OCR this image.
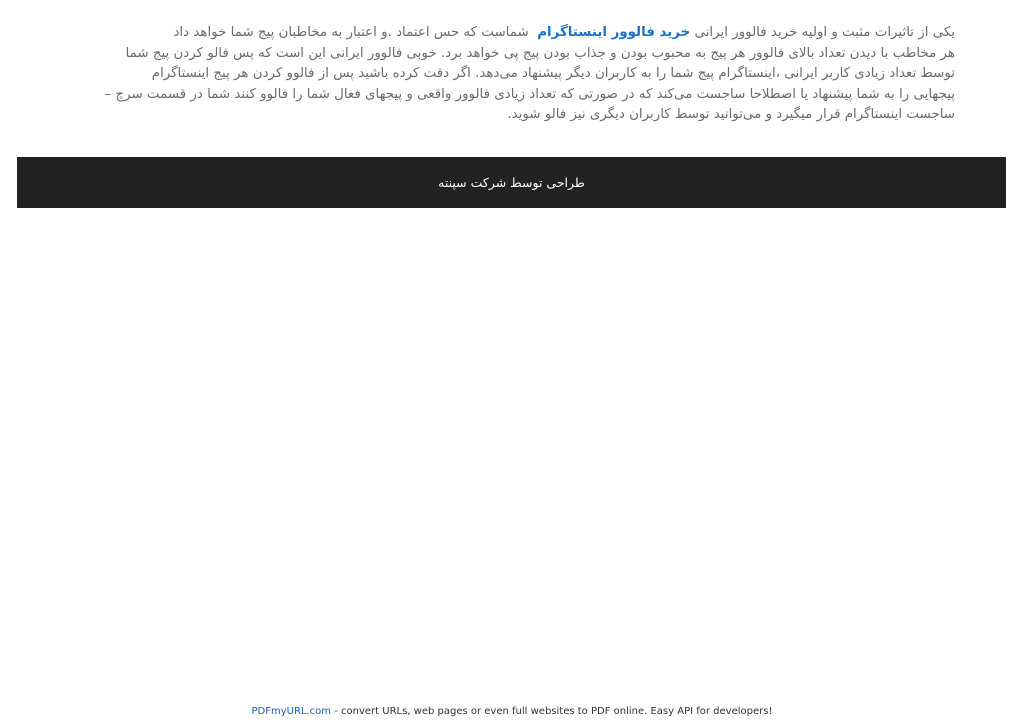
یکی از تاثیرات مثبت و اولیه خرید فالوور ایرانی خرید فالوور اینستاگرام  شماست که حس اعتماد .و اعتبار به مخاطبان پیج شما خواهد داد

هر مخاطب با دیدن تعداد بالای فالوور هر پیج به محبوب بودن و جذاب بودن پیج پی خواهد برد. خوبی فالوور ایرانی این است که پس فالو کردن پیج شما

توسط تعداد زیادی کاربر ایرانی ،اینستاگرام پیج شما را به کاربران دیگر پیشنهاد می‌دهد. اگر دقت کرده باشید پس از فالوو کردن هر پیج اینستاگرام

پیجهایی را به شما پیشنهاد یا اصطلاحا ساجست می‌کند که در صورتی که تعداد زیادی فالوور واقعی و پیجهای فعال شما را فالوو کنند شما در قسمت سرچ –

ساجست اینستاگرام قرار میگیرد و می‌توانید توسط کاربران دیگری نیز فالو شوید.

طراحی توسط شرکت سپنته
PDFmyURL.com - convert URLs, web pages or even full websites to PDF online. Easy API for developers!
